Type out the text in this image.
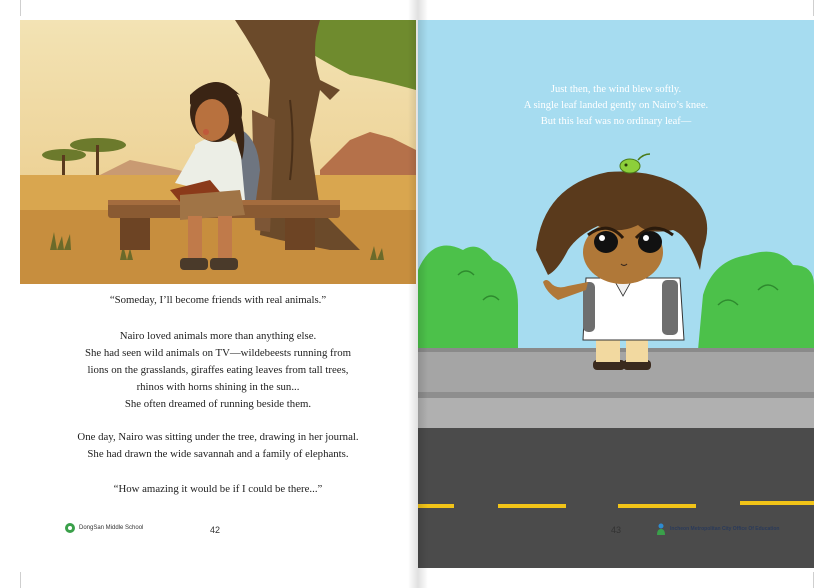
“Someday, I’ll become friends with real animals.”

Nairo loved animals more than anything else.

She had seen wild animals on TV—wildebeests running from

lions on the grasslands, giraffes eating leaves from tall trees,

rhinos with horns shining in the sun...

She often dreamed of running beside them.

One day, Nairo was sitting under the tree, drawing in her journal.

She had drawn the wide savannah and a family of elephants.

“How amazing it would be if I could be there...”

DongSan Middle School	42

Just then, the wind blew softly.

A single leaf landed gently on Nairo’s knee.

But this leaf was no ordinary leaf—

43	Incheon Metropolitan City Office Of Education
